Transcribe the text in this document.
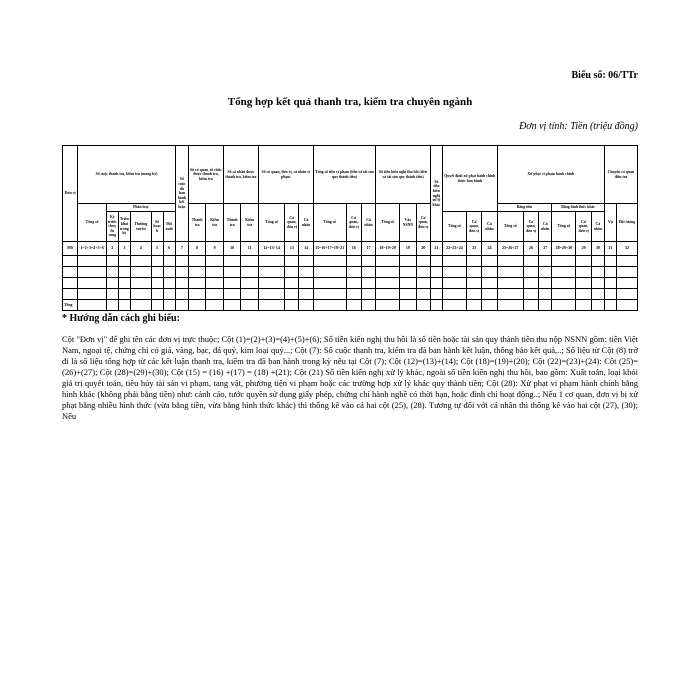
Biểu số: 06/TTr
Tổng hợp kết quả thanh tra, kiểm tra chuyên ngành
Đơn vị tính: Tiền (triệu đồng)
Đơn vị	Số cuộc thanh tra, kiểm tra (mang kỳ)						Số cuộc đã ban hành kết luận	Số cơ quan, tổ chức được thanh tra, kiểm tra		Số cá nhân được thanh tra, kiểm tra		Số cơ quan, đơn vị, cá nhân vi phạm			Tổng số tiền vi phạm (tiền và tài sản quy thành tiền)			Số tiền kiến nghị thu hồi (tiền và tài sản quy thành tiền)			Số tiền kiến nghị xử lý khác	Quyết định xử phạt hành chính được ban hành			Xử phạt vi phạm hành chính						Chuyển cơ quan điều tra	
	Tổng số	Phân loại						Thanh tra	Kiểm tra	Thanh tra	Kiểm tra	Tổng số	Cơ quan, đơn vị	Cá nhân	Tổng số	Cơ quan, đơn vị	Cá nhân	Tổng số	Vào NSNN	Cơ quan, đơn vị					Bằng tiền			Bằng hình thức khác			Vụ	Đối tượng
		Kỳ trước chuyển sang	Triển khai trong kỳ	Thường xuyên	Số hoạch	Đột xuất																Tổng số	Cơ quan, đơn vị	Cá nhân	Tổng số	Cơ quan, đơn vị	Cá nhân	Tổng số	Cơ quan, đơn vị	Cá nhân		
MS	1=2+3=4+5+6	2	3	4	5	6	7	8	9	10	11	12=13+14	13	14	15=16+17=18+21	16	17	18=19+20	19	20	21	22=23+24	23	24	25=26+27	26	27	28=29+30	29	30	31	32

Tổng																																
* Hướng dẫn cách ghi biểu:

Cột "Đơn vị" để ghi tên các đơn vị trực thuộc; Cột (1)=(2)+(3)=(4)+(5)+(6); Số tiền kiến nghị thu hồi là số tiền hoặc tài sản quy thành tiền thu nộp NSNN gồm: tiền Việt Nam, ngoại tệ, chứng chỉ có giá, vàng, bạc, đá quý, kim loại quý...; Cột (7): Số cuộc thanh tra, kiểm tra đã ban hành kết luận, thông báo kết quả,..; Số liệu từ Cột (8) trở đi là số liệu tổng hợp từ các kết luận thanh tra, kiểm tra đã ban hành trong kỳ nêu tại Cột (7); Cột (12)=(13)+(14); Cột (18)=(19)+(20); Cột (22)=(23)+(24): Cột (25)=(26)+(27); Cột (28)=(29)+(30); Cột (15) = (16) +(17) = (18) +(21); Cột (21) Số tiền kiến nghị xử lý khác, ngoài số tiền kiến nghị thu hồi, bao gồm: Xuất toán, loại khỏi giá trị quyết toán, tiêu hủy tài sản vi phạm, tang vật, phương tiện vi phạm hoặc các trường hợp xử lý khác quy thành tiền; Cột (28): Xử phạt vi phạm hành chính bằng hình khác (không phải bằng tiền) như: cảnh cáo, tước quyền sử dụng giấy phép, chứng chỉ hành nghề có thời hạn, hoặc đình chỉ hoạt động..; Nếu 1 cơ quan, đơn vị bị xử phạt bằng nhiều hình thức (vừa bằng tiền, vừa bằng hình thức khác) thì thống kê vào cả hai cột (25), (28). Tương tự đối với cá nhân thì thống kê vào hai cột (27), (30); Nếu
